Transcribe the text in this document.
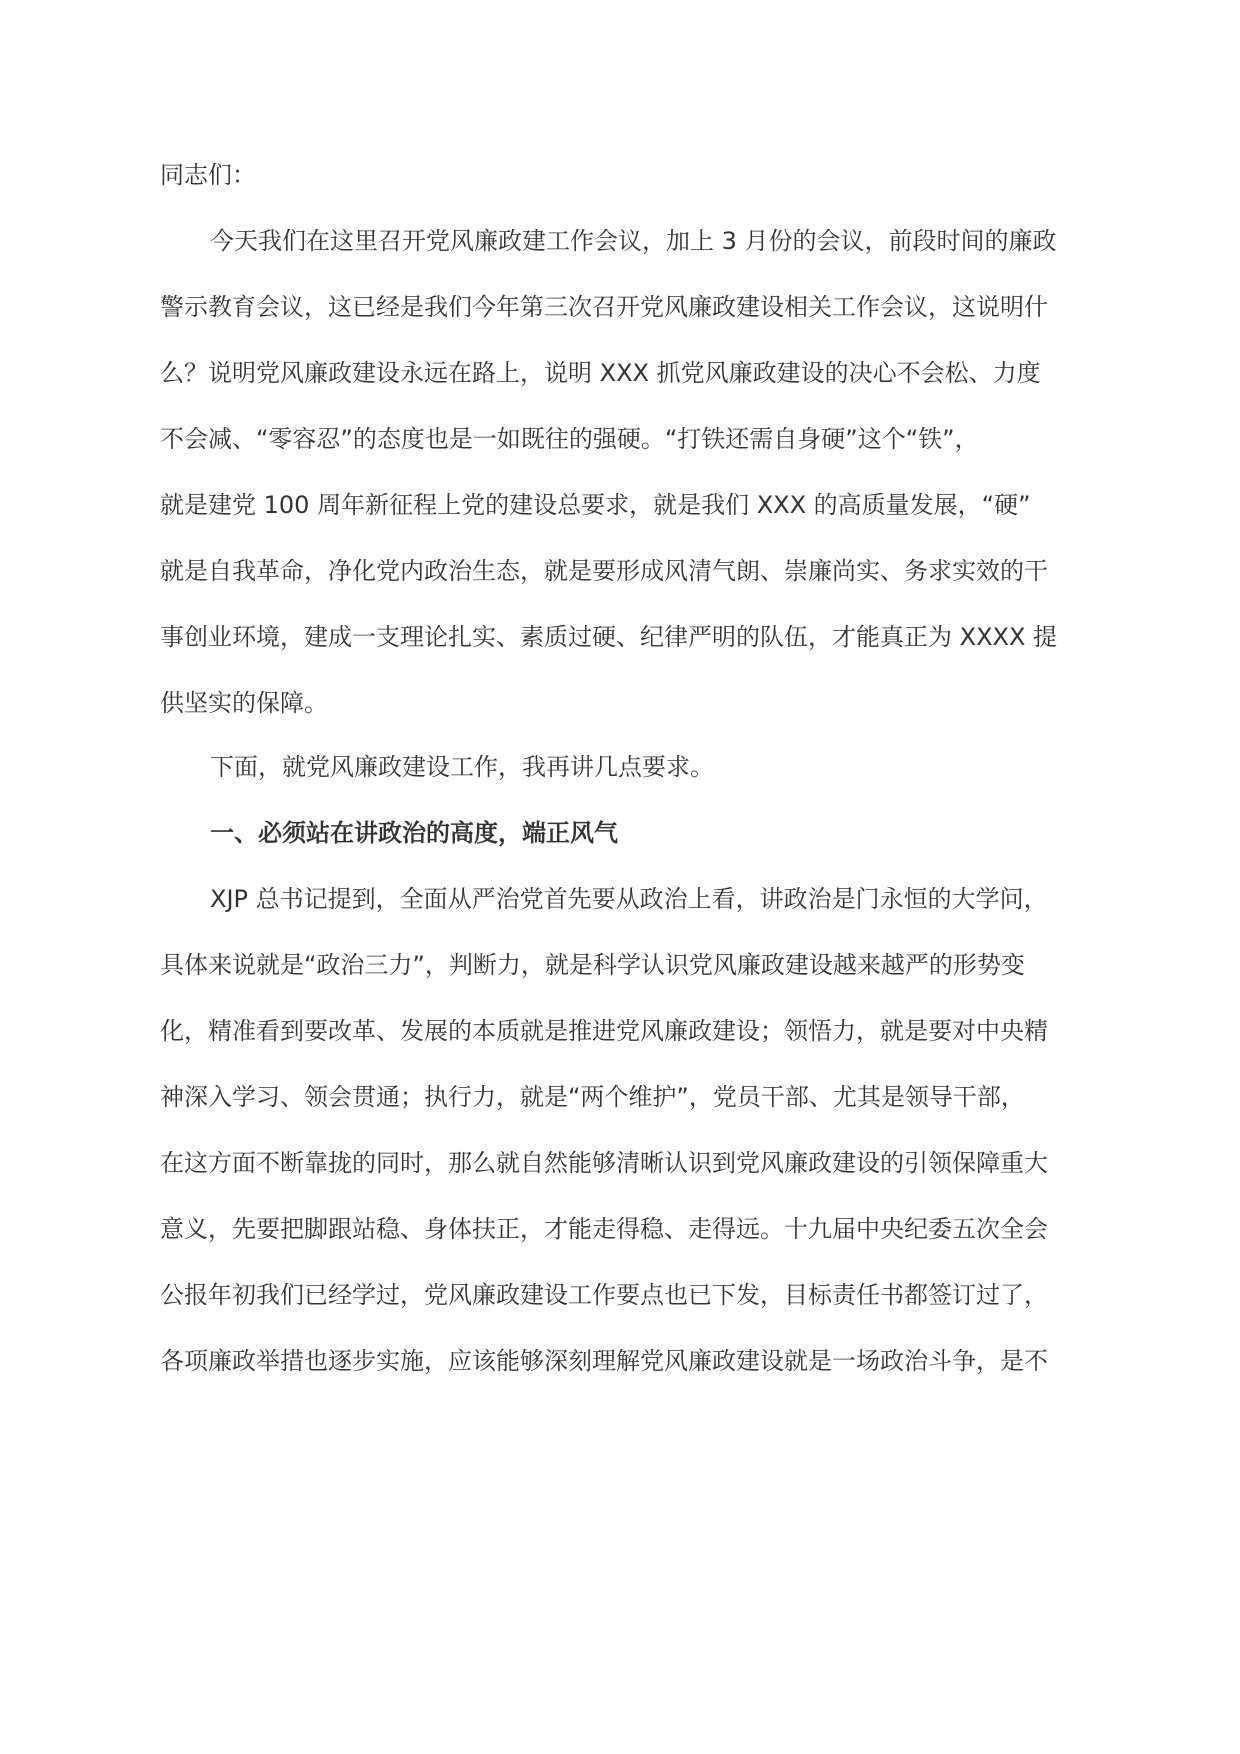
同志们：
今天我们在这里召开党风廉政建工作会议，加上 3 月份的会议，前段时间的廉政
警示教育会议，这已经是我们今年第三次召开党风廉政建设相关工作会议，这说明什
么？说明党风廉政建设永远在路上，说明 XXX 抓党风廉政建设的决心不会松、力度
不会减、“零容忍”的态度也是一如既往的强硬。“打铁还需自身硬”这个“铁”，
就是建党 100 周年新征程上党的建设总要求，就是我们 XXX 的高质量发展，“硬”
就是自我革命，净化党内政治生态，就是要形成风清气朗、崇廉尚实、务求实效的干
事创业环境，建成一支理论扎实、素质过硬、纪律严明的队伍，才能真正为 XXXX 提
供坚实的保障。
下面，就党风廉政建设工作，我再讲几点要求。
一、必须站在讲政治的高度，端正风气
XJP 总书记提到，全面从严治党首先要从政治上看，讲政治是门永恒的大学问，
具体来说就是“政治三力”，判断力，就是科学认识党风廉政建设越来越严的形势变
化，精准看到要改革、发展的本质就是推进党风廉政建设；领悟力，就是要对中央精
神深入学习、领会贯通；执行力，就是“两个维护”，党员干部、尤其是领导干部，
在这方面不断靠拢的同时，那么就自然能够清晰认识到党风廉政建设的引领保障重大
意义，先要把脚跟站稳、身体扶正，才能走得稳、走得远。十九届中央纪委五次全会
公报年初我们已经学过，党风廉政建设工作要点也已下发，目标责任书都签订过了，
各项廉政举措也逐步实施，应该能够深刻理解党风廉政建设就是一场政治斗争，是不
